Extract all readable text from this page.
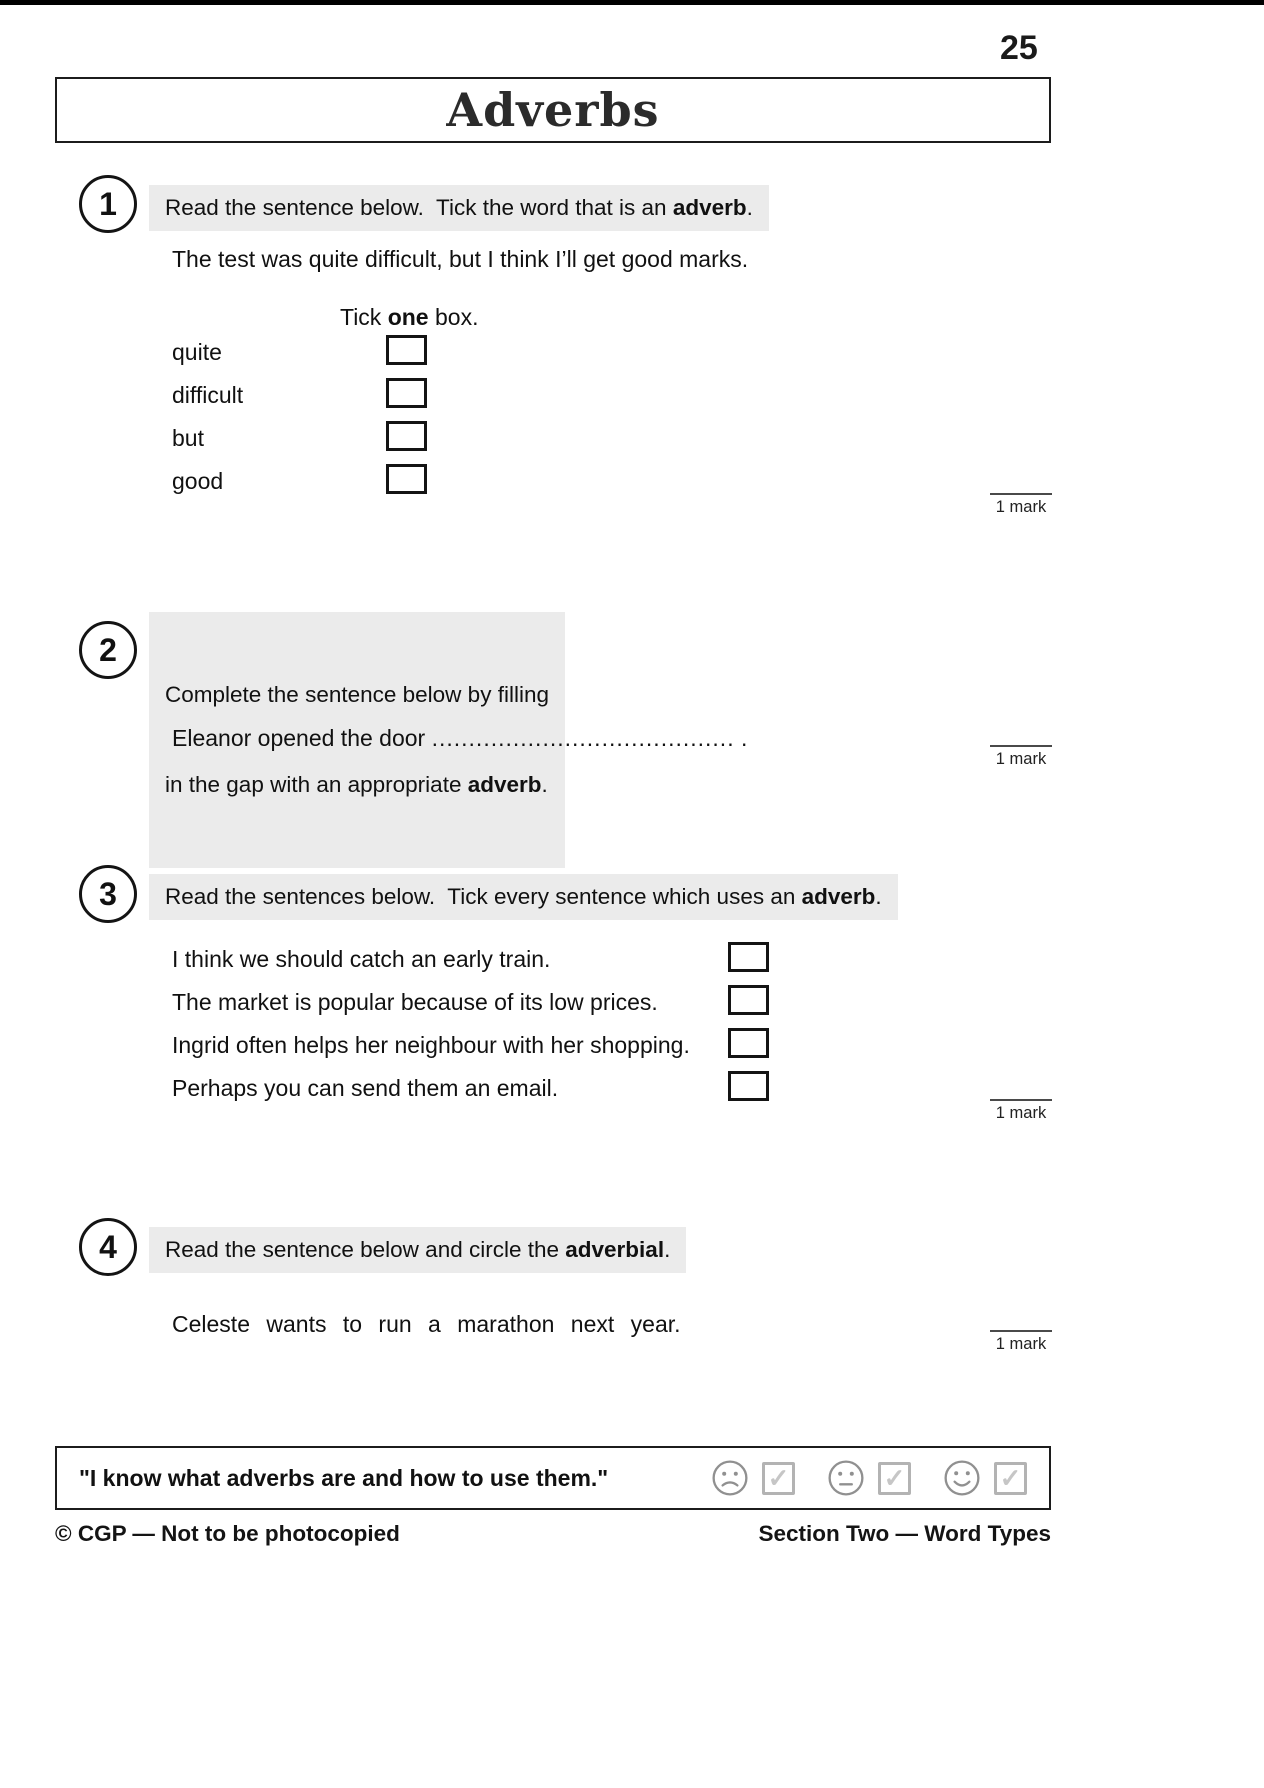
25
Adverbs
1	Read the sentence below.  Tick the word that is an adverb.
The test was quite difficult, but I think I’ll get good marks.
Tick one box.
quite
difficult
but
good
1 mark
2

Complete the sentence below by filling

in the gap with an appropriate adverb.

Eleanor opened the door ......................................... .
1 mark
3	Read the sentences below.  Tick every sentence which uses an adverb.
I think we should catch an early train.
The market is popular because of its low prices.
Ingrid often helps her neighbour with her shopping.
Perhaps you can send them an email.
1 mark
4	Read the sentence below and circle the adverbial.
Celeste wants to run a marathon next year.
1 mark
"I know what adverbs are and how to use them."	✓	✓	✓
© CGP — Not to be photocopied	Section Two — Word Types
